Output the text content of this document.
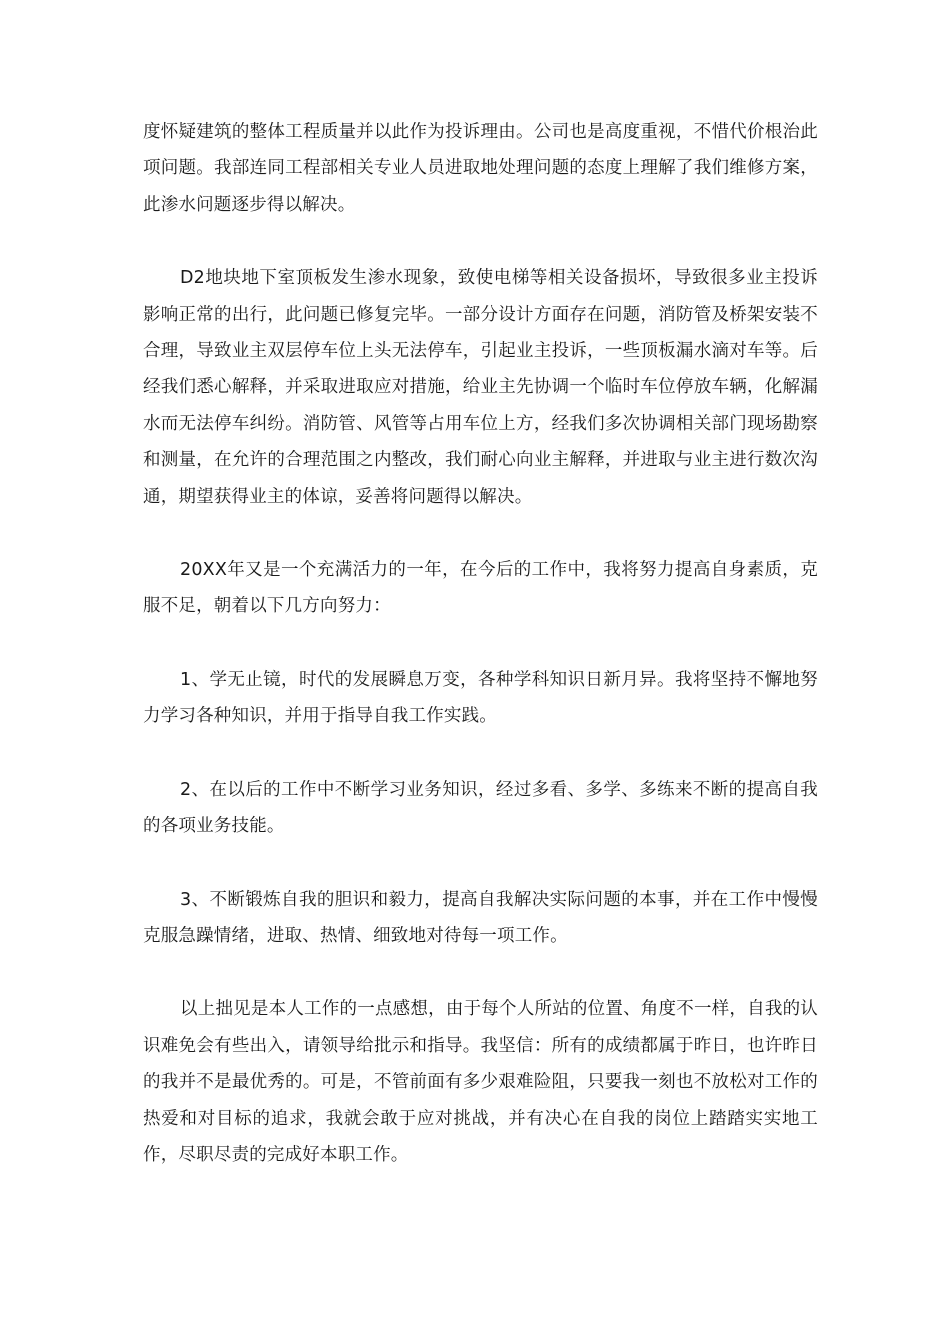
度怀疑建筑的整体工程质量并以此作为投诉理由。公司也是高度重视，不惜代价根治此项问题。我部连同工程部相关专业人员进取地处理问题的态度上理解了我们维修方案，此渗水问题逐步得以解决。

D2地块地下室顶板发生渗水现象，致使电梯等相关设备损坏，导致很多业主投诉影响正常的出行，此问题已修复完毕。一部分设计方面存在问题，消防管及桥架安装不合理，导致业主双层停车位上头无法停车，引起业主投诉，一些顶板漏水滴对车等。后经我们悉心解释，并采取进取应对措施，给业主先协调一个临时车位停放车辆，化解漏水而无法停车纠纷。消防管、风管等占用车位上方，经我们多次协调相关部门现场勘察和测量，在允许的合理范围之内整改，我们耐心向业主解释，并进取与业主进行数次沟通，期望获得业主的体谅，妥善将问题得以解决。

20XX年又是一个充满活力的一年，在今后的工作中，我将努力提高自身素质，克服不足，朝着以下几方向努力：

1、学无止镜，时代的发展瞬息万变，各种学科知识日新月异。我将坚持不懈地努力学习各种知识，并用于指导自我工作实践。

2、在以后的工作中不断学习业务知识，经过多看、多学、多练来不断的提高自我的各项业务技能。

3、不断锻炼自我的胆识和毅力，提高自我解决实际问题的本事，并在工作中慢慢克服急躁情绪，进取、热情、细致地对待每一项工作。

以上拙见是本人工作的一点感想，由于每个人所站的位置、角度不一样，自我的认识难免会有些出入，请领导给批示和指导。我坚信：所有的成绩都属于昨日，也许昨日的我并不是最优秀的。可是，不管前面有多少艰难险阻，只要我一刻也不放松对工作的热爱和对目标的追求，我就会敢于应对挑战，并有决心在自我的岗位上踏踏实实地工作，尽职尽责的完成好本职工作。
